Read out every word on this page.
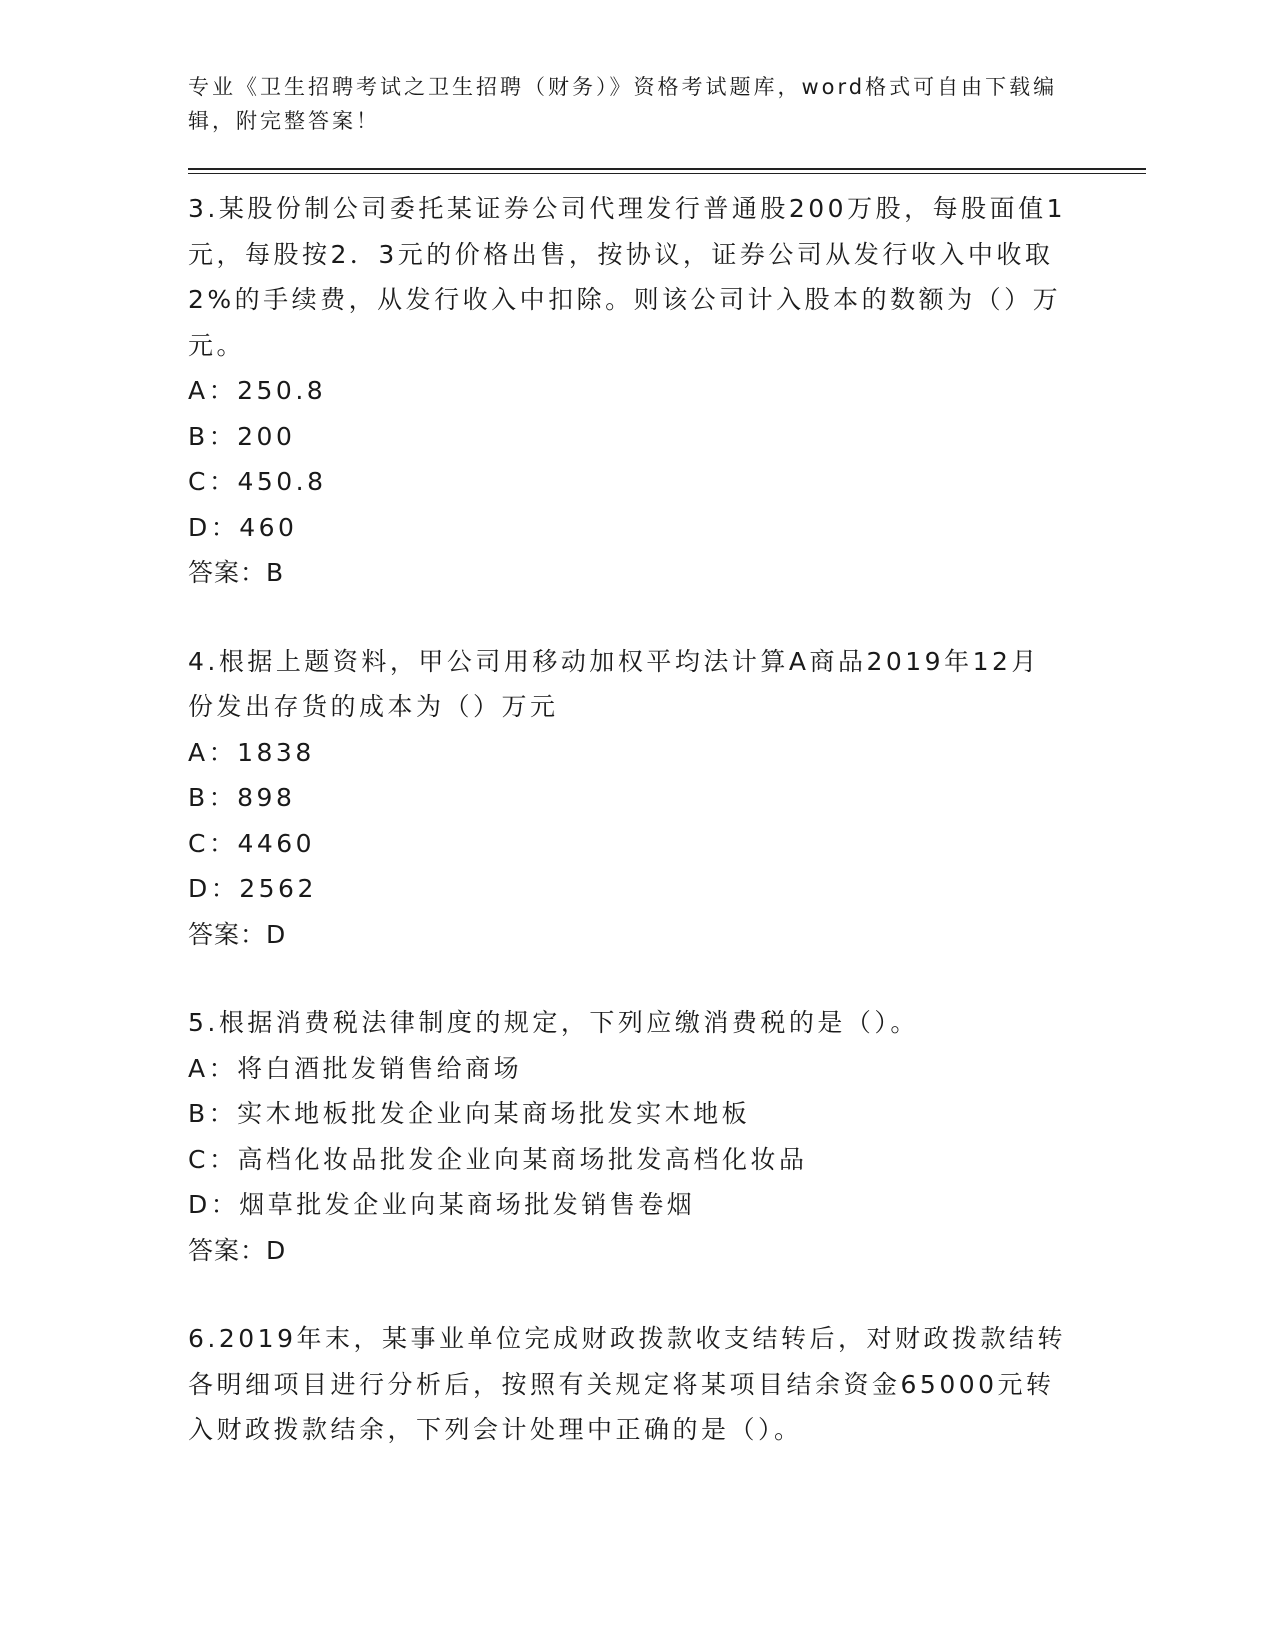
专业《卫生招聘考试之卫生招聘（财务）》资格考试题库，word格式可自由下载编辑，附完整答案！
3.某股份制公司委托某证券公司代理发行普通股200万股，每股面值1元，每股按2．3元的价格出售，按协议，证券公司从发行收入中收取2%的手续费，从发行收入中扣除。则该公司计入股本的数额为（）万元。
A：250.8
B：200
C：450.8
D：460
答案：B
4.根据上题资料，甲公司用移动加权平均法计算A商品2019年12月份发出存货的成本为（）万元
A：1838
B：898
C：4460
D：2562
答案：D
5.根据消费税法律制度的规定，下列应缴消费税的是（）。
A：将白酒批发销售给商场
B：实木地板批发企业向某商场批发实木地板
C：高档化妆品批发企业向某商场批发高档化妆品
D：烟草批发企业向某商场批发销售卷烟
答案：D
6.2019年末，某事业单位完成财政拨款收支结转后，对财政拨款结转各明细项目进行分析后，按照有关规定将某项目结余资金65000元转入财政拨款结余，下列会计处理中正确的是（）。
